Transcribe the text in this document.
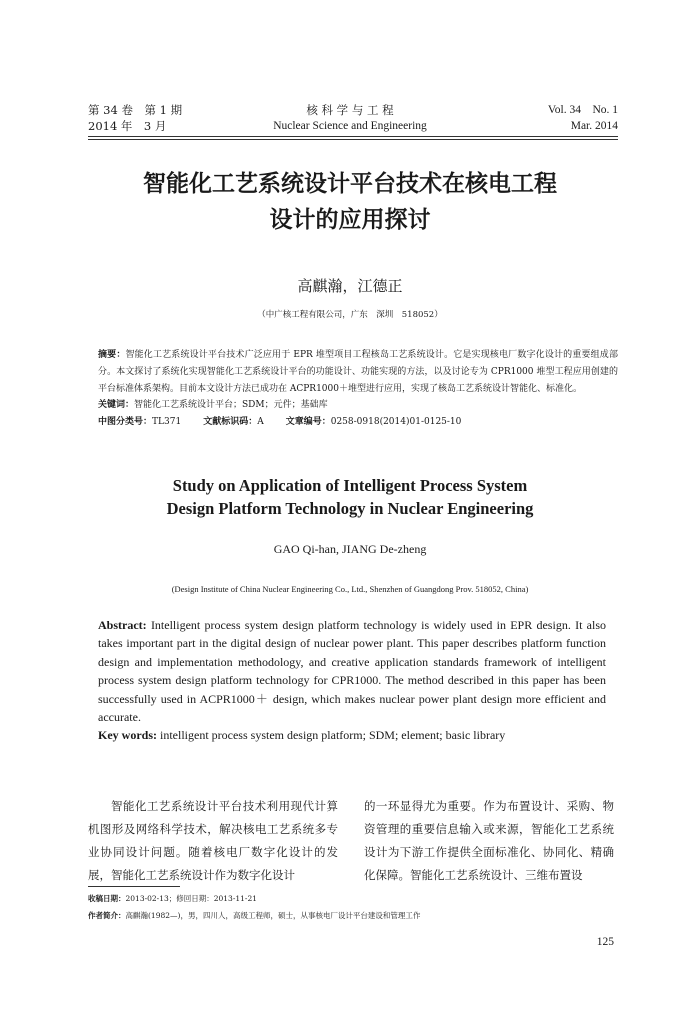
第 34 卷　第 1 期
2014 年　3 月
核 科 学 与 工 程
Nuclear Science and Engineering
Vol. 34　No. 1
Mar. 2014
智能化工艺系统设计平台技术在核电工程
设计的应用探讨
高麒瀚，江德正
（中广核工程有限公司，广东　深圳　518052）

摘要：智能化工艺系统设计平台技术广泛应用于 EPR 堆型项目工程核岛工艺系统设计。它是实现核电厂数字化设计的重要组成部分。本文探讨了系统化实现智能化工艺系统设计平台的功能设计、功能实现的方法，以及讨论专为 CPR1000 堆型工程应用创建的平台标准体系架构。目前本文设计方法已成功在 ACPR1000＋堆型进行应用，实现了核岛工艺系统设计智能化、标准化。

关键词：智能化工艺系统设计平台；SDM；元件；基础库

中图分类号：TL371 文献标识码：A 文章编号：0258-0918(2014)01-0125-10

Study on Application of Intelligent Process System
Design Platform Technology in Nuclear Engineering
GAO Qi-han, JIANG De-zheng
(Design Institute of China Nuclear Engineering Co., Ltd., Shenzhen of Guangdong Prov. 518052, China)

Abstract: Intelligent process system design platform technology is widely used in EPR design. It also takes important part in the digital design of nuclear power plant. This paper describes platform function design and implementation methodology, and creative application standards framework of intelligent process system design platform technology for CPR1000. The method described in this paper has been successfully used in ACPR1000＋ design, which makes nuclear power plant design more efficient and accurate.

Key words: intelligent process system design platform; SDM; element; basic library

智能化工艺系统设计平台技术利用现代计算机图形及网络科学技术，解决核电工艺系统多专业协同设计问题。随着核电厂数字化设计的发展，智能化工艺系统设计作为数字化设计
的一环显得尤为重要。作为布置设计、采购、物资管理的重要信息输入或来源，智能化工艺系统设计为下游工作提供全面标准化、协同化、精确化保障。智能化工艺系统设计、三维布置设
收稿日期：2013-02-13；修回日期：2013-11-21
作者简介：高麒瀚(1982—)，男，四川人，高级工程师，硕士，从事核电厂设计平台建设和管理工作
125
